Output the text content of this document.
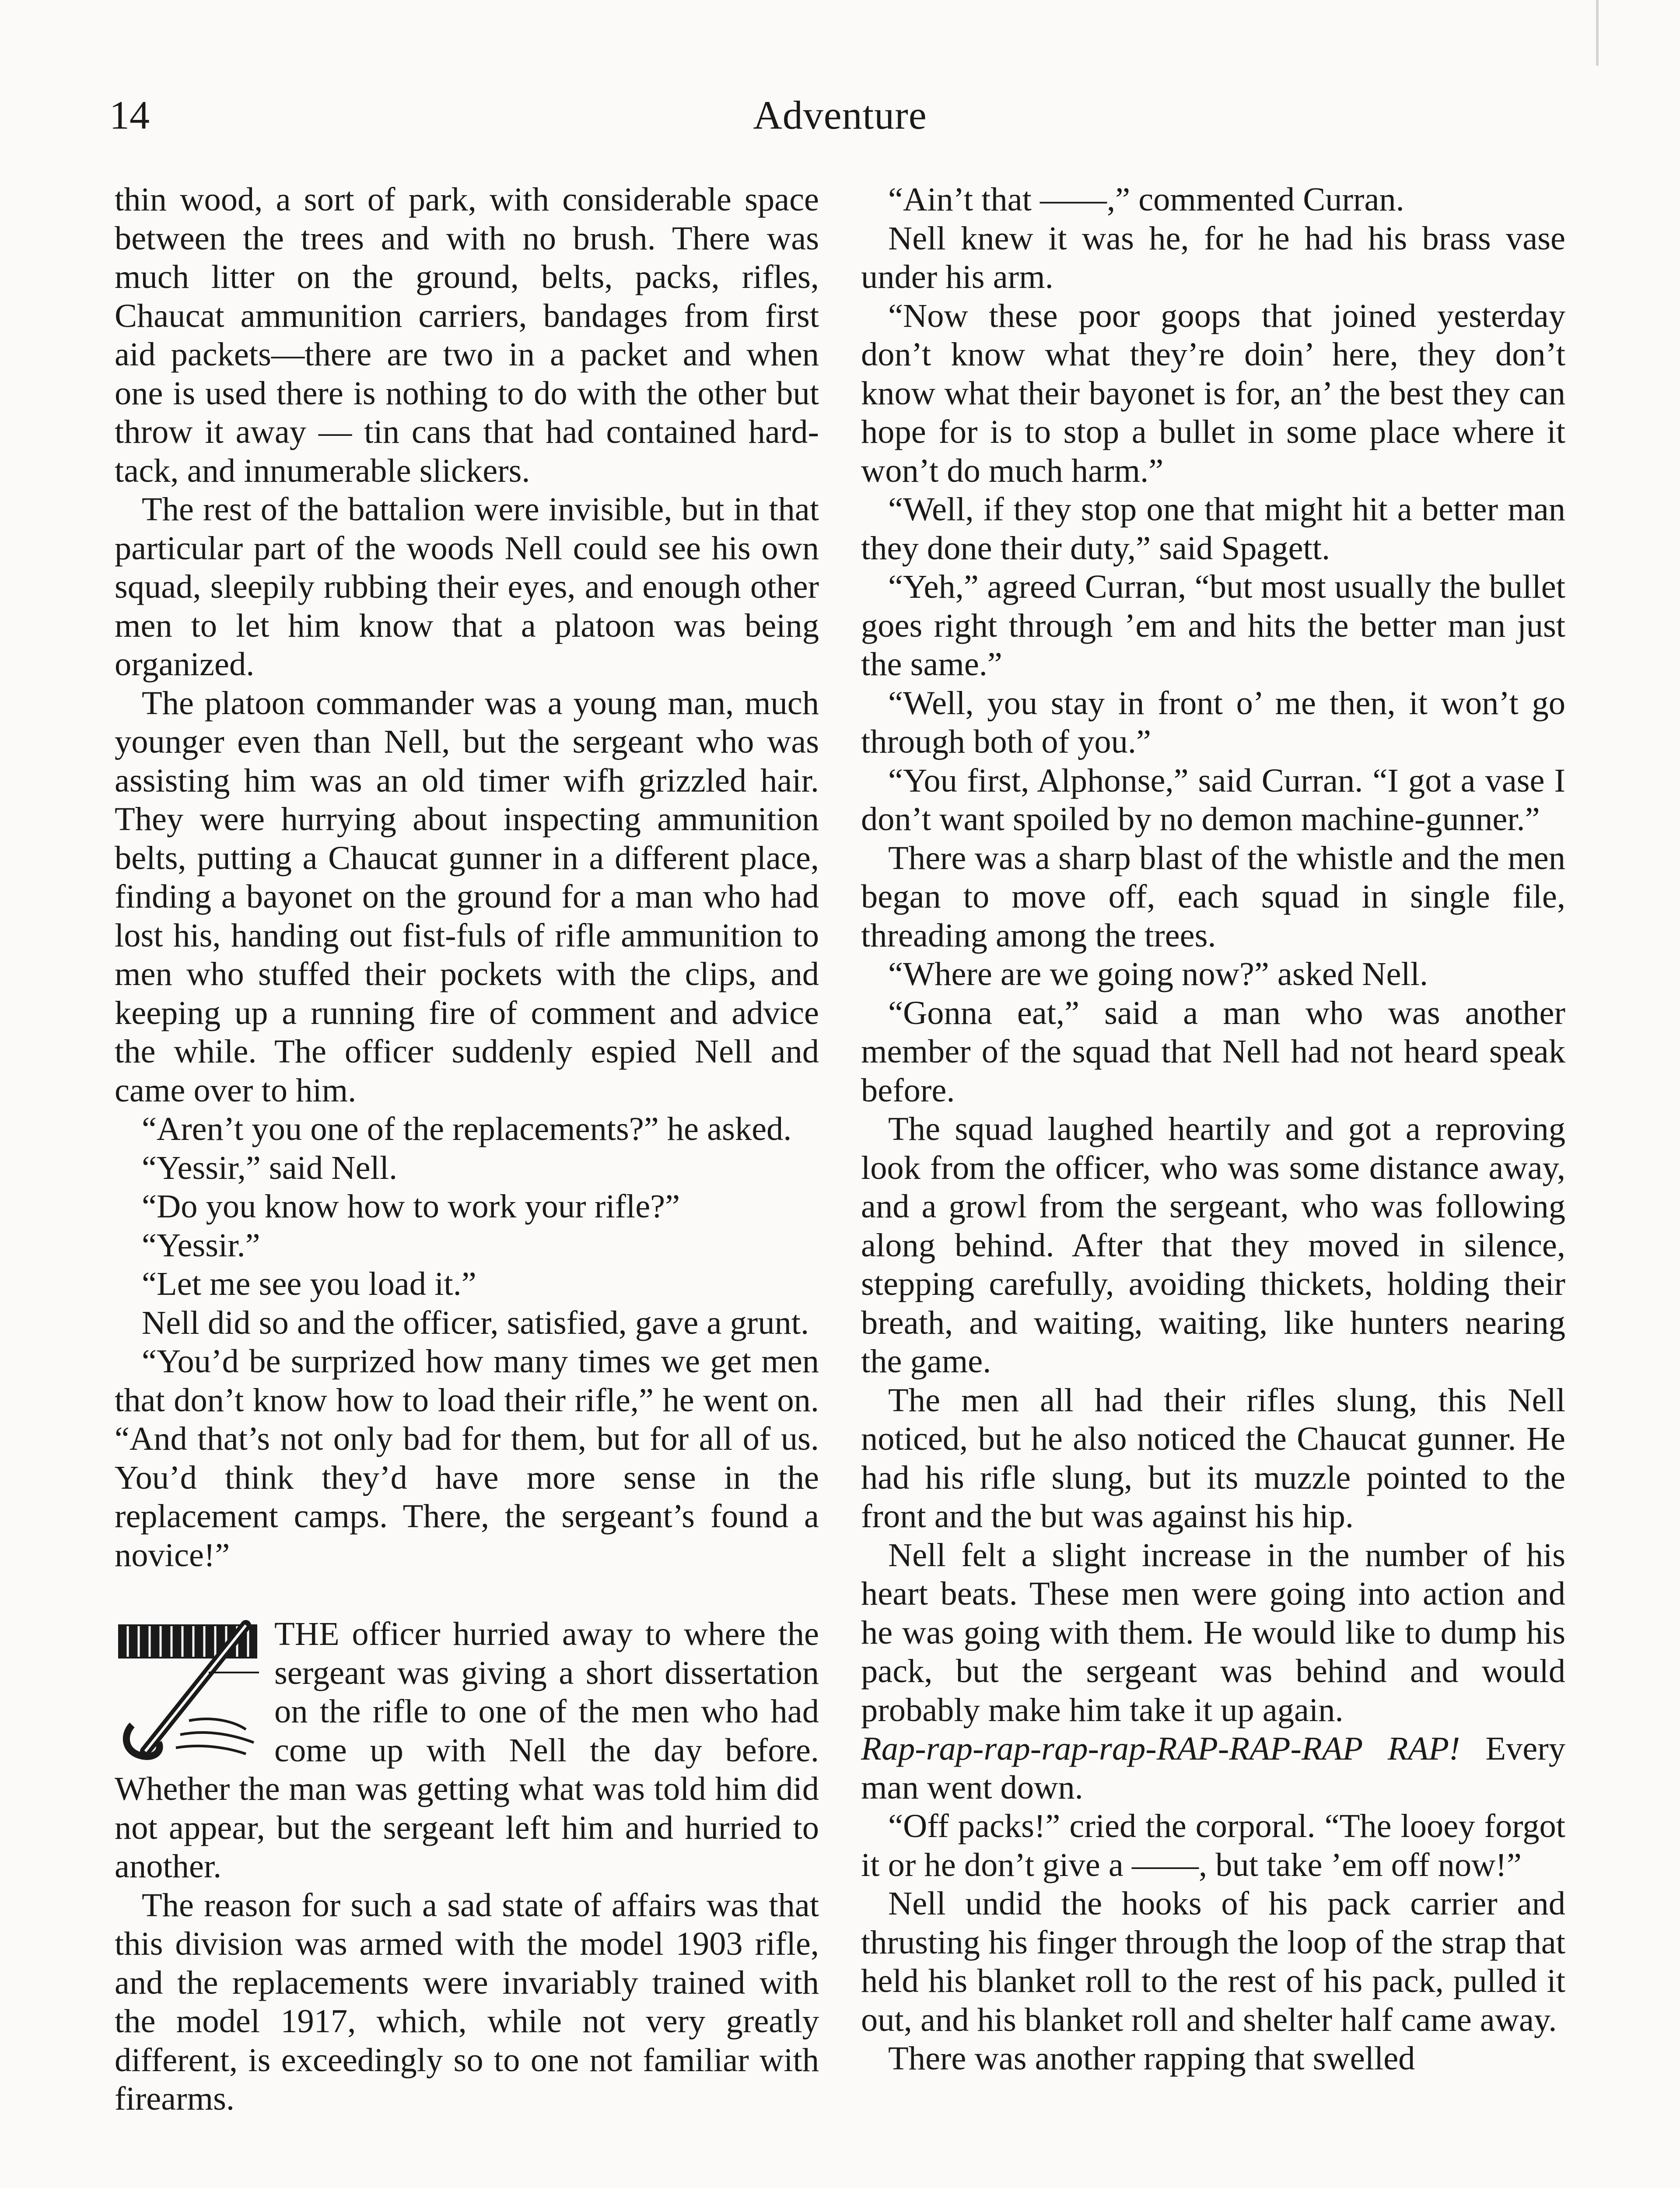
14	Adventure

thin wood, a sort of park, with considerable space between the trees and with no brush. There was much litter on the ground, belts, packs, rifles, Chaucat ammunition carriers, bandages from first aid packets—there are two in a packet and when one is used there is nothing to do with the other but throw it away — tin cans that had contained hard-tack, and innumerable slickers.

The rest of the battalion were invisible, but in that particular part of the woods Nell could see his own squad, sleepily rubbing their eyes, and enough other men to let him know that a platoon was being organized.

The platoon commander was a young man, much younger even than Nell, but the sergeant who was assisting him was an old timer wifh grizzled hair. They were hurrying about inspecting ammunition belts, putting a Chaucat gunner in a different place, finding a bayonet on the ground for a man who had lost his, handing out fist-fuls of rifle ammunition to men who stuffed their pockets with the clips, and keeping up a running fire of comment and advice the while. The officer suddenly espied Nell and came over to him.

“Aren’t you one of the replacements?” he asked.

“Yessir,” said Nell.

“Do you know how to work your rifle?”

“Yessir.”

“Let me see you load it.”

Nell did so and the officer, satisfied, gave a grunt.

“You’d be surprized how many times we get men that don’t know how to load their rifle,” he went on. “And that’s not only bad for them, but for all of us. You’d think they’d have more sense in the replacement camps. There, the sergeant’s found a novice!”

THE officer hurried away to where the sergeant was giving a short dissertation on the rifle to one of the men who had come up with Nell the day before. Whether the man was getting what was told him did not appear, but the sergeant left him and hurried to another.

The reason for such a sad state of affairs was that this division was armed with the model 1903 rifle, and the replacements were invariably trained with the model 1917, which, while not very greatly different, is exceedingly so to one not familiar with firearms.

“Ain’t that ——,” commented Curran.

Nell knew it was he, for he had his brass vase under his arm.

“Now these poor goops that joined yesterday don’t know what they’re doin’ here, they don’t know what their bayonet is for, an’ the best they can hope for is to stop a bullet in some place where it won’t do much harm.”

“Well, if they stop one that might hit a better man they done their duty,” said Spagett.

“Yeh,” agreed Curran, “but most usually the bullet goes right through ’em and hits the better man just the same.”

“Well, you stay in front o’ me then, it won’t go through both of you.”

“You first, Alphonse,” said Curran. “I got a vase I don’t want spoiled by no demon machine-gunner.”

There was a sharp blast of the whistle and the men began to move off, each squad in single file, threading among the trees.

“Where are we going now?” asked Nell.

“Gonna eat,” said a man who was another member of the squad that Nell had not heard speak before.

The squad laughed heartily and got a reproving look from the officer, who was some distance away, and a growl from the sergeant, who was following along behind. After that they moved in silence, stepping carefully, avoiding thickets, holding their breath, and waiting, waiting, like hunters nearing the game.

The men all had their rifles slung, this Nell noticed, but he also noticed the Chaucat gunner. He had his rifle slung, but its muzzle pointed to the front and the but was against his hip.

Nell felt a slight increase in the number of his heart beats. These men were going into action and he was going with them. He would like to dump his pack, but the sergeant was behind and would probably make him take it up again.

Rap-rap-rap-rap-rap-RAP-RAP-RAP RAP! Every man went down.

“Off packs!” cried the corporal. “The looey forgot it or he don’t give a ——, but take ’em off now!”

Nell undid the hooks of his pack carrier and thrusting his finger through the loop of the strap that held his blanket roll to the rest of his pack, pulled it out, and his blanket roll and shelter half came away.

There was another rapping that swelled
